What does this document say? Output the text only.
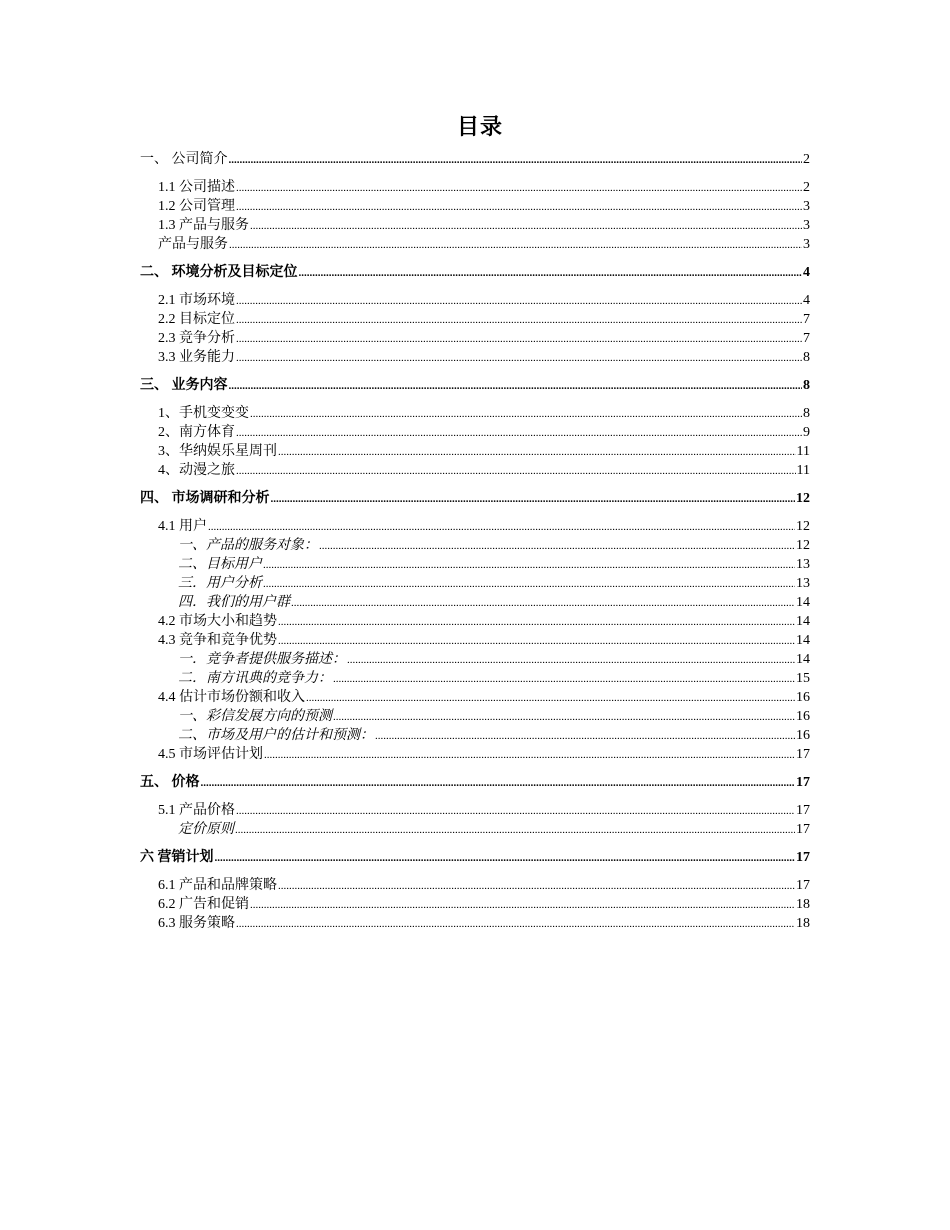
目录
一、 公司简介 .....	2
1.1 公司描述 .....	2
1.2 公司管理 .....	3
1.3 产品与服务 .....	3
产品与服务 .....	3
二、 环境分析及目标定位 .....	4
2.1 市场环境 .....	4
2.2 目标定位 .....	7
2.3 竞争分析 .....	7
3.3 业务能力 .....	8
三、 业务内容 .....	8
1、手机变变变 .....	8
2、南方体育 .....	9
3、华纳娱乐星周刊 .....	11
4、动漫之旅 .....	11
四、 市场调研和分析 .....	12
4.1 用户 .....	12
一、产品的服务对象： .....	12
二、目标用户 .....	13
三．用户分析 .....	13
四．我们的用户群 .....	14
4.2 市场大小和趋势 .....	14
4.3 竞争和竞争优势 .....	14
一．竞争者提供服务描述： .....	14
二．南方讯典的竞争力： .....	15
4.4 估计市场份额和收入 .....	16
一、彩信发展方向的预测 .....	16
二、市场及用户的估计和预测： .....	16
4.5 市场评估计划 .....	17
五、 价格 .....	17
5.1 产品价格 .....	17
定价原则 .....	17
六 营销计划 .....	17
6.1 产品和品牌策略 .....	17
6.2 广告和促销 .....	18
6.3 服务策略 .....	18
